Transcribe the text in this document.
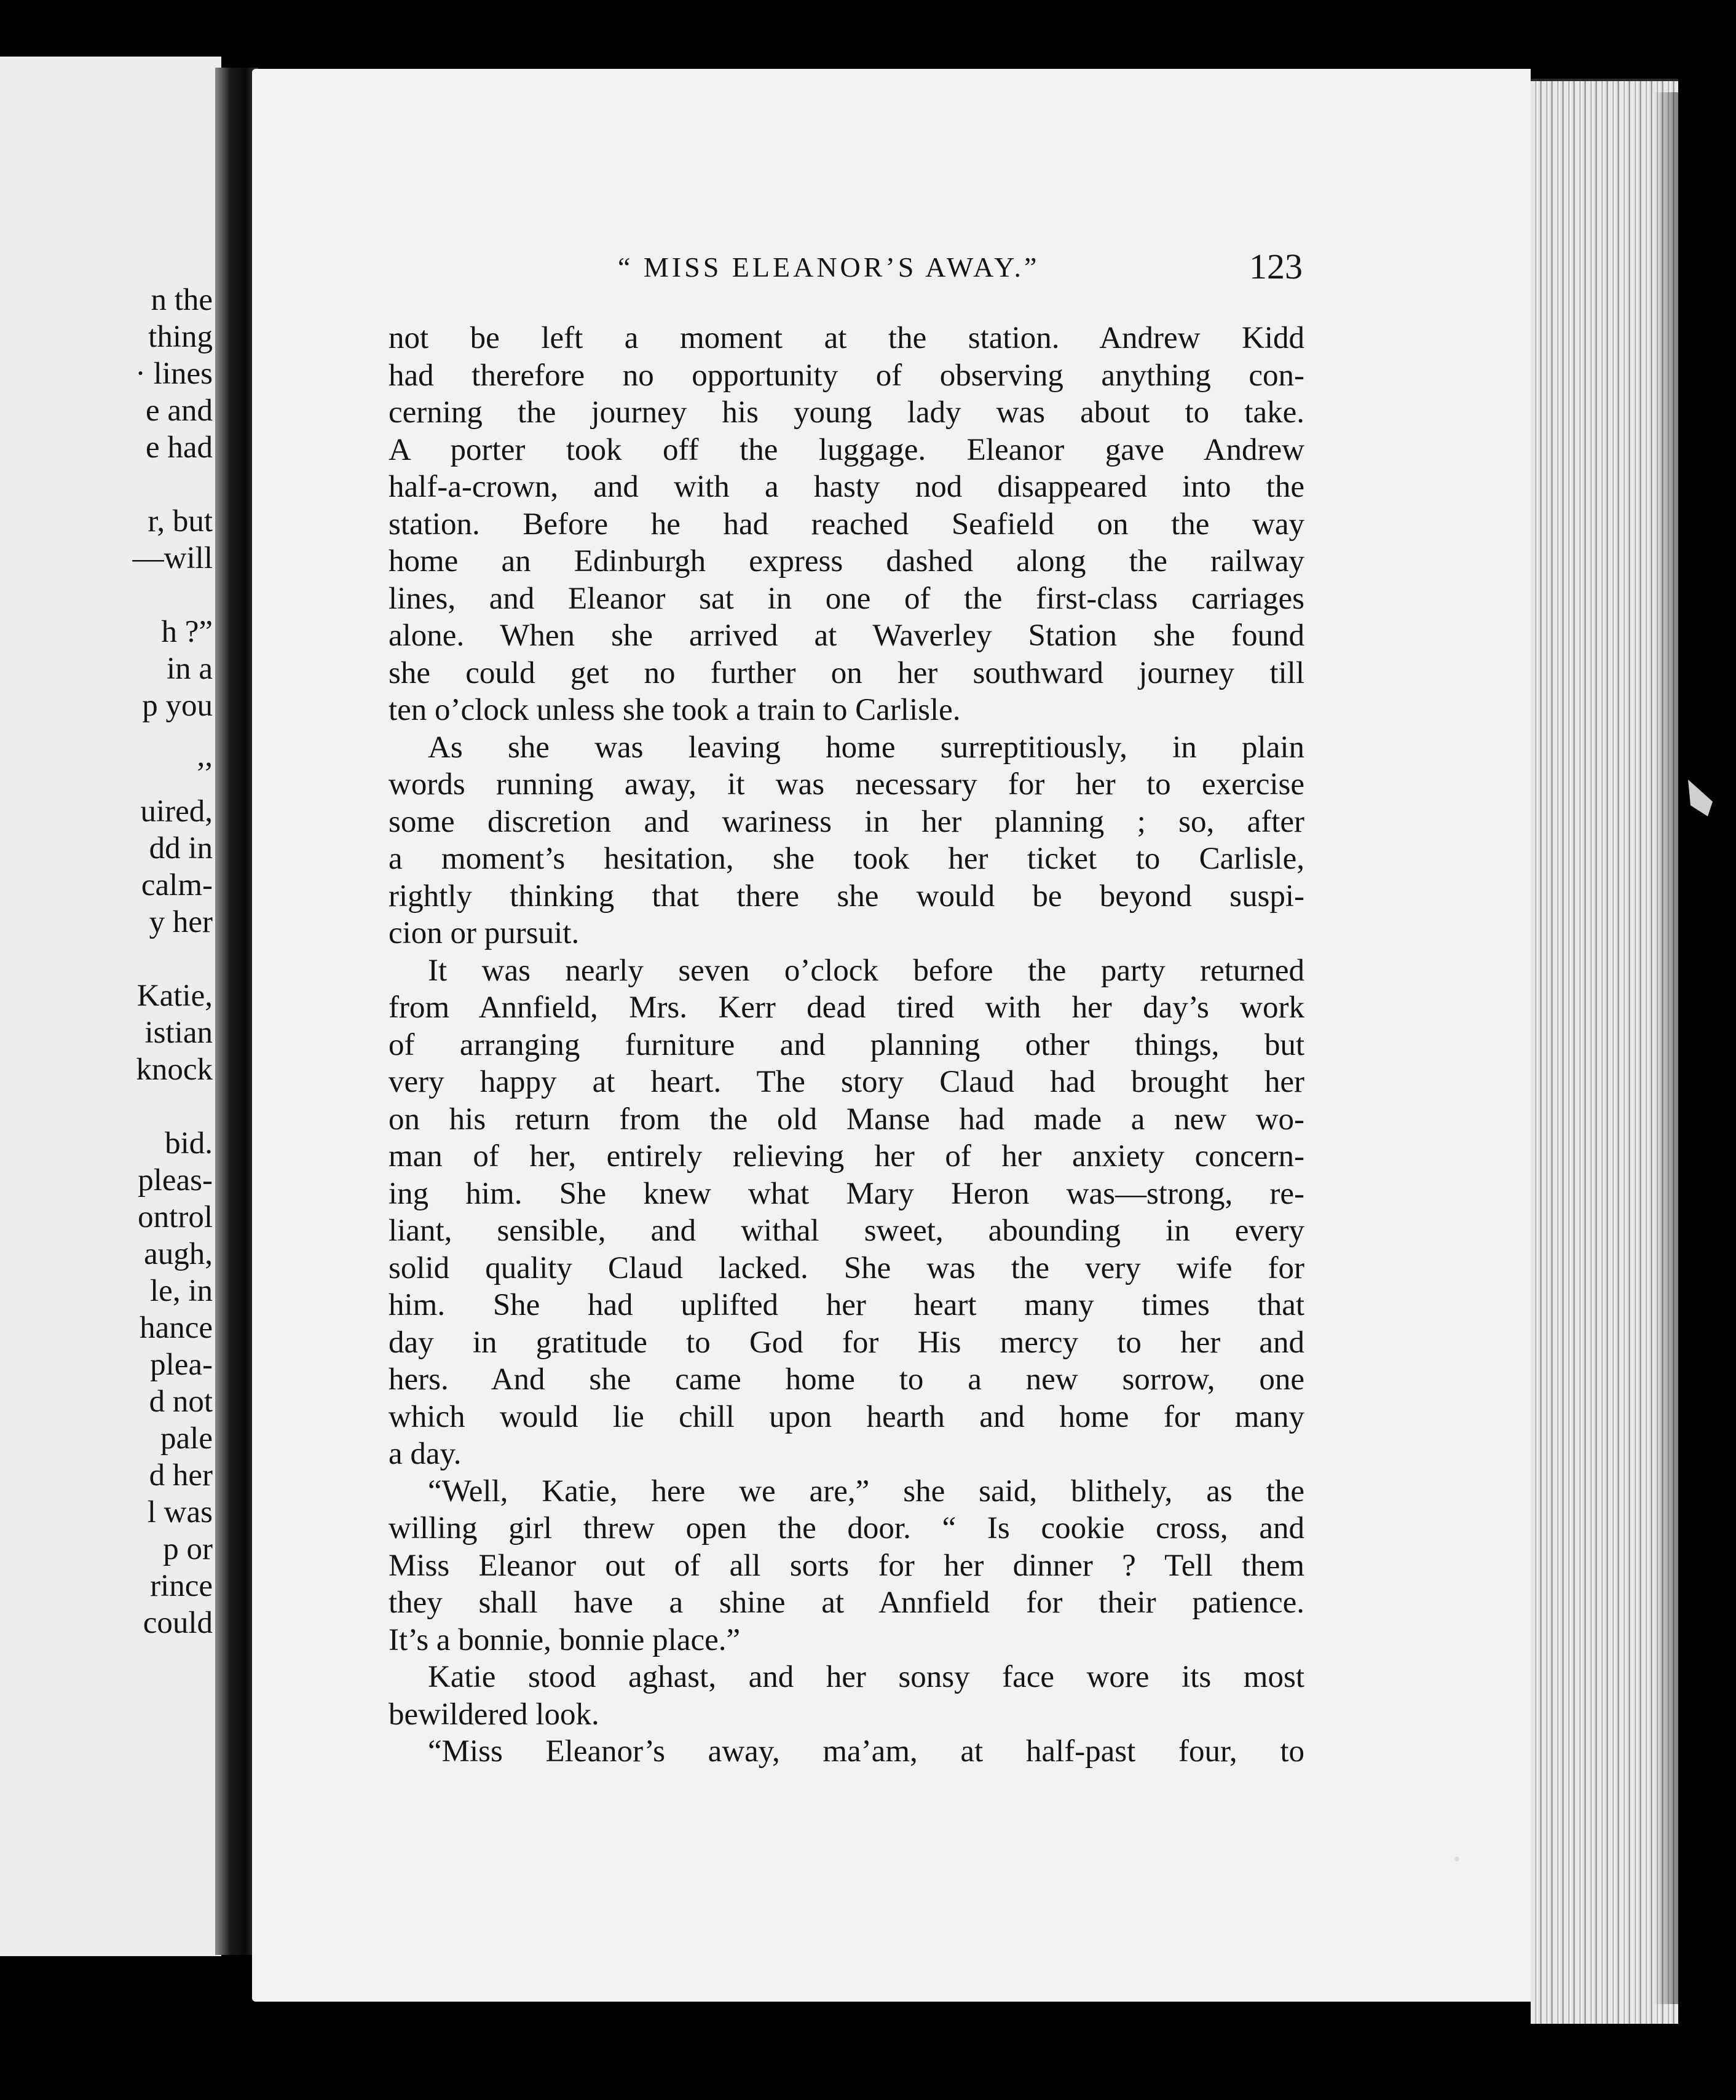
n the
thing
· lines
e and
e had
r, but
—will
h ?”
in a
p you
,,
uired,
dd in
calm-
y her
Katie,
istian
knock
bid.
pleas-
ontrol
augh,
le, in
hance
plea-
d not
pale
d her
l was
p or
rince
could
“ MISS ELEANOR’S AWAY.”	123
not be left a moment at the station. Andrew Kidd
had therefore no opportunity of observing anything con-
cerning the journey his young lady was about to take.
A porter took off the luggage. Eleanor gave Andrew
half-a-crown, and with a hasty nod disappeared into the
station. Before he had reached Seafield on the way
home an Edinburgh express dashed along the railway
lines, and Eleanor sat in one of the first-class carriages
alone. When she arrived at Waverley Station she found
she could get no further on her southward journey till
ten o’clock unless she took a train to Carlisle.
As she was leaving home surreptitiously, in plain
words running away, it was necessary for her to exercise
some discretion and wariness in her planning ; so, after
a moment’s hesitation, she took her ticket to Carlisle,
rightly thinking that there she would be beyond suspi-
cion or pursuit.
It was nearly seven o’clock before the party returned
from Annfield, Mrs. Kerr dead tired with her day’s work
of arranging furniture and planning other things, but
very happy at heart. The story Claud had brought her
on his return from the old Manse had made a new wo-
man of her, entirely relieving her of her anxiety concern-
ing him. She knew what Mary Heron was—strong, re-
liant, sensible, and withal sweet, abounding in every
solid quality Claud lacked. She was the very wife for
him. She had uplifted her heart many times that
day in gratitude to God for His mercy to her and
hers. And she came home to a new sorrow, one
which would lie chill upon hearth and home for many
a day.
“Well, Katie, here we are,” she said, blithely, as the
willing girl threw open the door. “ Is cookie cross, and
Miss Eleanor out of all sorts for her dinner ? Tell them
they shall have a shine at Annfield for their patience.
It’s a bonnie, bonnie place.”
Katie stood aghast, and her sonsy face wore its most
bewildered look.
“Miss Eleanor’s away, ma’am, at half-past four, to
